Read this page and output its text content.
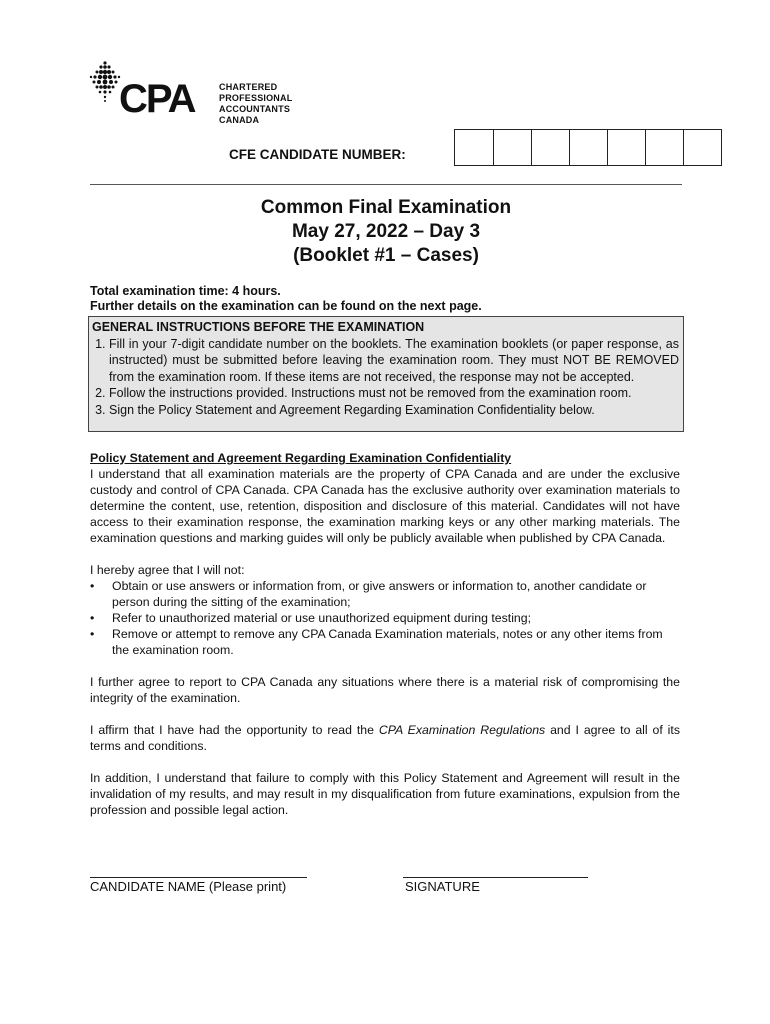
CPA	CHARTERED
PROFESSIONAL
ACCOUNTANTS
CANADA
CFE CANDIDATE NUMBER:
Common Final Examination
May 27, 2022 – Day 3
(Booklet #1 – Cases)
Total examination time: 4 hours.
Further details on the examination can be found on the next page.
GENERAL INSTRUCTIONS BEFORE THE EXAMINATION
1. Fill in your 7-digit candidate number on the booklets. The examination booklets (or paper response, as instructed) must be submitted before leaving the examination room. They must NOT BE REMOVED from the examination room. If these items are not received, the response may not be accepted.
2. Follow the instructions provided. Instructions must not be removed from the examination room.
3. Sign the Policy Statement and Agreement Regarding Examination Confidentiality below.
Policy Statement and Agreement Regarding Examination Confidentiality

I understand that all examination materials are the property of CPA Canada and are under the exclusive custody and control of CPA Canada. CPA Canada has the exclusive authority over examination materials to determine the content, use, retention, disposition and disclosure of this material. Candidates will not have access to their examination response, the examination marking keys or any other marking materials. The examination questions and marking guides will only be publicly available when published by CPA Canada.

I hereby agree that I will not:

• Obtain or use answers or information from, or give answers or information to, another candidate or person during the sitting of the examination;
• Refer to unauthorized material or use unauthorized equipment during testing;
• Remove or attempt to remove any CPA Canada Examination materials, notes or any other items from the examination room.

I further agree to report to CPA Canada any situations where there is a material risk of compromising the integrity of the examination.

I affirm that I have had the opportunity to read the CPA Examination Regulations and I agree to all of its terms and conditions.

In addition, I understand that failure to comply with this Policy Statement and Agreement will result in the invalidation of my results, and may result in my disqualification from future examinations, expulsion from the profession and possible legal action.

CANDIDATE NAME (Please print)	SIGNATURE
